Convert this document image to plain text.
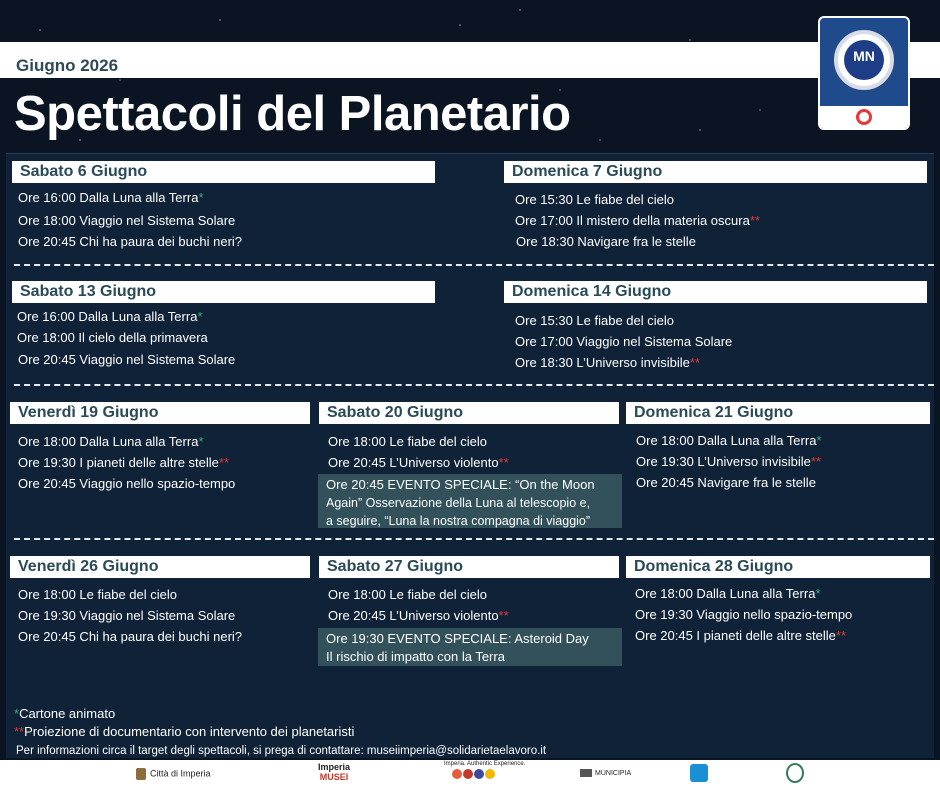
Giugno 2026
Spettacoli del Planetario
MN
PLANETARIUM
Sabato 6 Giugno
Ore 16:00 Dalla Luna alla Terra*
Ore 18:00 Viaggio nel Sistema Solare
Ore 20:45 Chi ha paura dei buchi neri?
Domenica 7 Giugno
Ore 15:30 Le fiabe del cielo
Ore 17:00 Il mistero della materia oscura**
Ore 18:30 Navigare fra le stelle
Sabato 13 Giugno
Ore 16:00 Dalla Luna alla Terra*
Ore 18:00 Il cielo della primavera
Ore 20:45 Viaggio nel Sistema Solare
Domenica 14 Giugno
Ore 15:30 Le fiabe del cielo
Ore 17:00 Viaggio nel Sistema Solare
Ore 18:30 L’Universo invisibile**
Venerdì 19 Giugno
Ore 18:00 Dalla Luna alla Terra*
Ore 19:30 I pianeti delle altre stelle**
Ore 20:45 Viaggio nello spazio-tempo
Sabato 20 Giugno
Ore 18:00 Le fiabe del cielo
Ore 20:45 L’Universo violento**
Ore 20:45 EVENTO SPECIALE: “On the Moon
Again” Osservazione della Luna al telescopio e,
a seguire, “Luna la nostra compagna di viaggio”
Domenica 21 Giugno
Ore 18:00 Dalla Luna alla Terra*
Ore 19:30 L’Universo invisibile**
Ore 20:45 Navigare fra le stelle
Venerdì 26 Giugno
Ore 18:00 Le fiabe del cielo
Ore 19:30 Viaggio nel Sistema Solare
Ore 20:45 Chi ha paura dei buchi neri?
Sabato 27 Giugno
Ore 18:00 Le fiabe del cielo
Ore 20:45 L’Universo violento**
Ore 19:30 EVENTO SPECIALE: Asteroid Day
Il rischio di impatto con la Terra
Domenica 28 Giugno
Ore 18:00 Dalla Luna alla Terra*
Ore 19:30 Viaggio nello spazio-tempo
Ore 20:45 I pianeti delle altre stelle**
*Cartone animato
**Proiezione di documentario con intervento dei planetaristi
Per informazioni circa il target degli spettacoli, si prega di contattare: museiimperia@solidarietaelavoro.it
Città di Imperia
Imperia
MUSEI
Imperia. Authentic Experience.
MUNICIPIA
